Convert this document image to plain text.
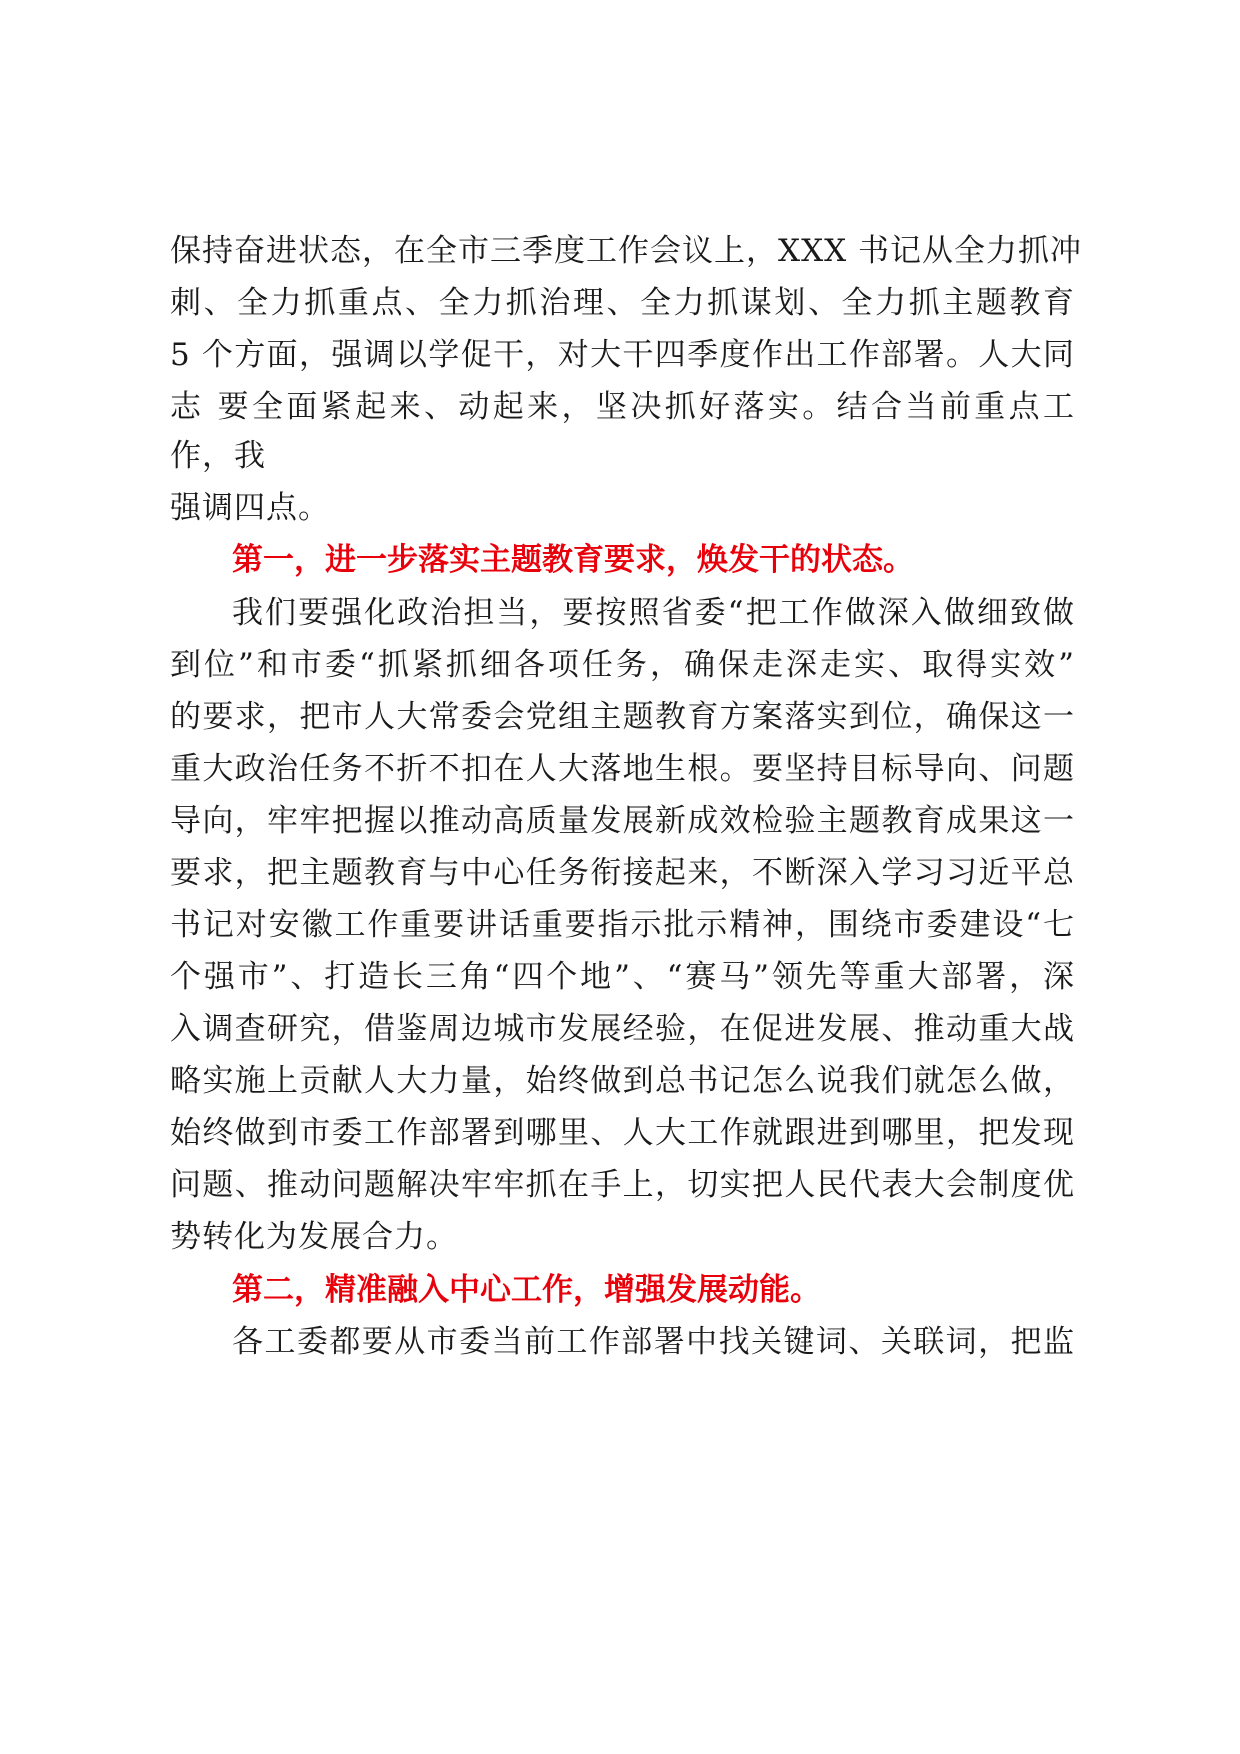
保持奋进状态，在全市三季度工作会议上，XXX 书记从全力抓冲
刺、全力抓重点、全力抓治理、全力抓谋划、全力抓主题教育
5 个方面，强调以学促干，对大干四季度作出工作部署。人大同
志 要全面紧起来、动起来，坚决抓好落实。结合当前重点工
作，我
强调四点。
第一，进一步落实主题教育要求，焕发干的状态。
我们要强化政治担当，要按照省委“把工作做深入做细致做
到位”和市委“抓紧抓细各项任务，确保走深走实、取得实效”
的要求，把市人大常委会党组主题教育方案落实到位，确保这一
重大政治任务不折不扣在人大落地生根。要坚持目标导向、问题
导向，牢牢把握以推动高质量发展新成效检验主题教育成果这一
要求，把主题教育与中心任务衔接起来，不断深入学习习近平总
书记对安徽工作重要讲话重要指示批示精神，围绕市委建设“七
个强市”、打造长三角“四个地”、“赛马”领先等重大部署，深
入调查研究，借鉴周边城市发展经验，在促进发展、推动重大战
略实施上贡献人大力量，始终做到总书记怎么说我们就怎么做，
始终做到市委工作部署到哪里、人大工作就跟进到哪里，把发现
问题、推动问题解决牢牢抓在手上，切实把人民代表大会制度优
势转化为发展合力。
第二，精准融入中心工作，增强发展动能。
各工委都要从市委当前工作部署中找关键词、关联词，把监
